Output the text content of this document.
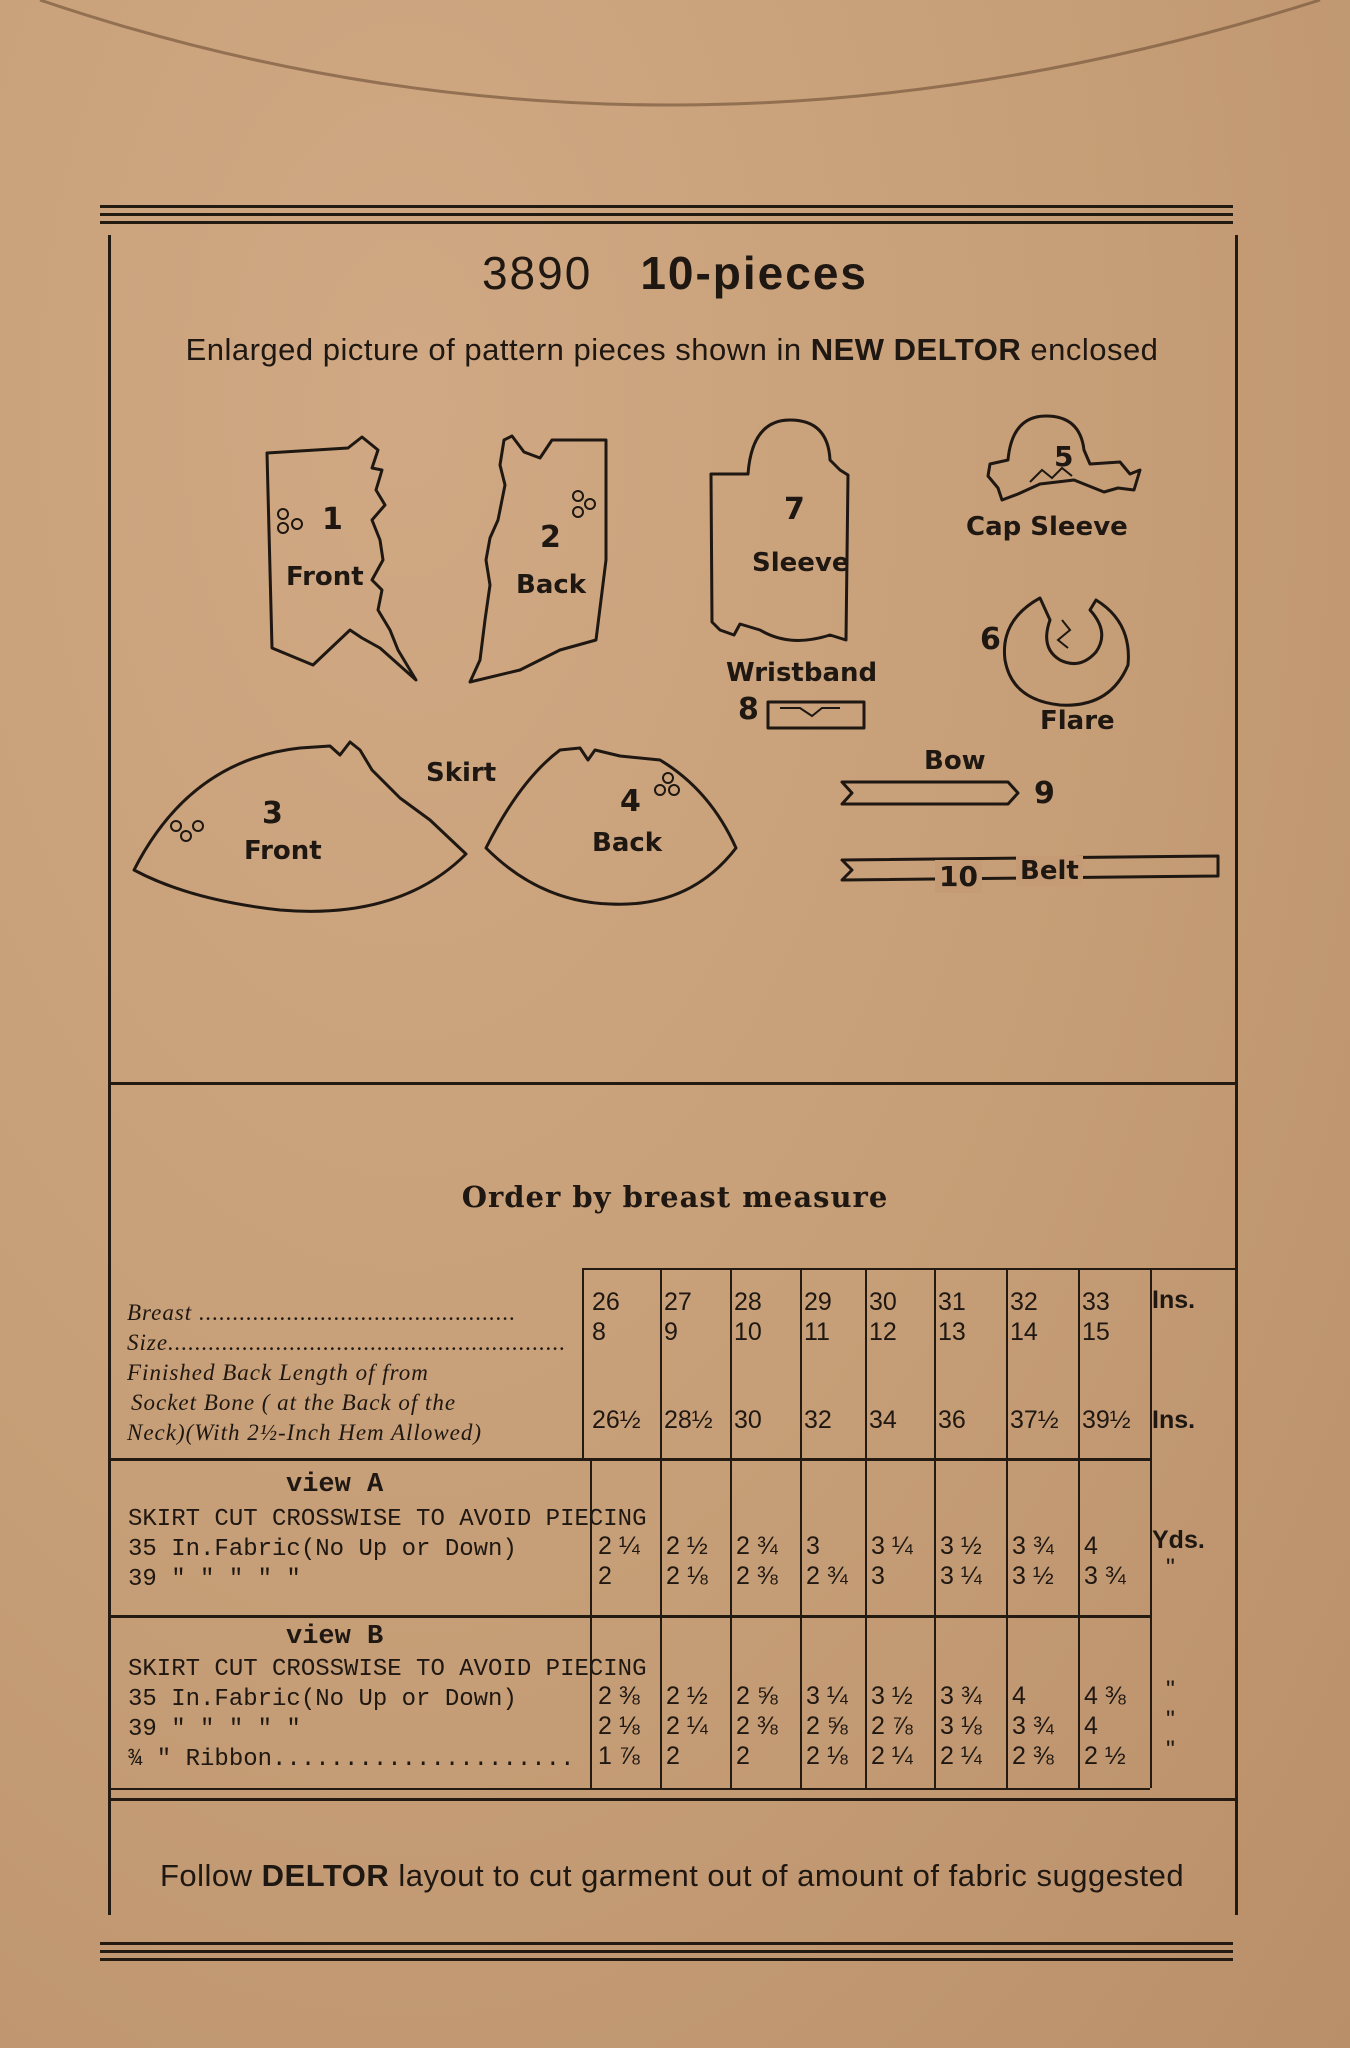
3890 10-pieces
Enlarged picture of pattern pieces shown in NEW DELTOR enclosed
1
Front
2
Back
7
Sleeve
5
Cap Sleeve
6
Flare
8
Wristband
3
Front
4
Back
9
Bow
10 Belt
Skirt
Order by breast measure
Breast ...............................................
Size...........................................................
Finished Back Length of from
Socket Bone ( at the Back of the
Neck)(With 2½-Inch Hem Allowed)
26 27 28 29 30 31 32 33
8 9 10 11 12 13 14 15
26½ 28½ 30 32 34 36 37½ 39½
2 ¼ 2 ½ 2 ¾ 3 3 ¼ 3 ½ 3 ¾ 4
2 2 ⅛ 2 ⅜ 2 ¾ 3 3 ¼ 3 ½ 3 ¾
2 ⅜ 2 ½ 2 ⅝ 3 ¼ 3 ½ 3 ¾ 4 4 ⅜
2 ⅛ 2 ¼ 2 ⅜ 2 ⅝ 2 ⅞ 3 ⅛ 3 ¾ 4
1 ⅞ 2 2 2 ⅛ 2 ¼ 2 ¼ 2 ⅜ 2 ½
Ins.
Ins.
view A
SKIRT CUT CROSSWISE TO AVOID PIECING
35 In.Fabric(No Up or Down)
39 " " " " "
Yds.
"
view B
SKIRT CUT CROSSWISE TO AVOID PIECING
35 In.Fabric(No Up or Down)
39 " " " " "
¾ " Ribbon.....................
"
"
"
Follow DELTOR layout to cut garment out of amount of fabric suggested
